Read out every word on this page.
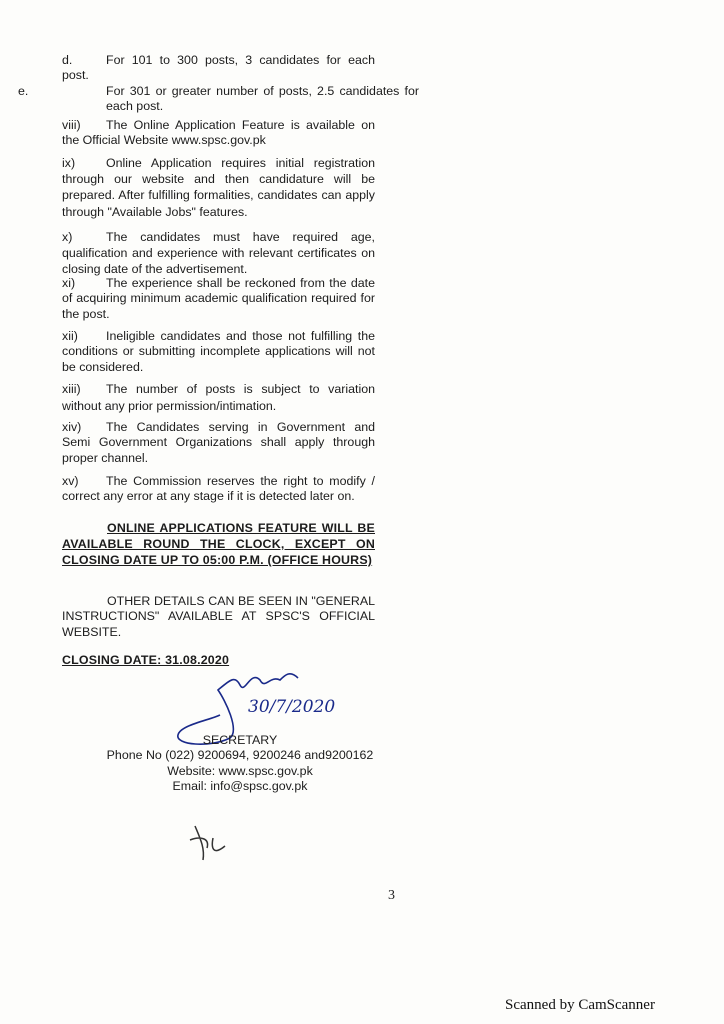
d.	For 101 to 300 posts, 3 candidates for each post.
e.	For 301 or greater number of posts, 2.5 candidates for each post.
viii) The Online Application Feature is available on the Official Website www.spsc.gov.pk
ix) Online Application requires initial registration through our website and then candidature will be prepared. After fulfilling formalities, candidates can apply through "Available Jobs" features.
x)	The candidates must have required age, qualification and experience with relevant certificates on closing date of the advertisement.
xi) The experience shall be reckoned from the date of acquiring minimum academic qualification required for the post.
xii) Ineligible candidates and those not fulfilling the conditions or submitting incomplete applications will not be considered.
xiii) The number of posts is subject to variation without any prior permission/intimation.
xiv) The Candidates serving in Government and Semi Government Organizations shall apply through proper channel.
xv) The Commission reserves the right to modify / correct any error at any stage if it is detected later on.
ONLINE APPLICATIONS FEATURE WILL BE AVAILABLE ROUND THE CLOCK, EXCEPT ON CLOSING DATE UP TO 05:00 P.M. (OFFICE HOURS)
OTHER DETAILS CAN BE SEEN IN "GENERAL INSTRUCTIONS" AVAILABLE AT SPSC'S OFFICIAL WEBSITE.
CLOSING DATE: 31.08.2020
30/7/2020
SECRETARY
Phone No (022) 9200694, 9200246 and9200162
Website: www.spsc.gov.pk
Email: info@spsc.gov.pk
3
Scanned by CamScanner
